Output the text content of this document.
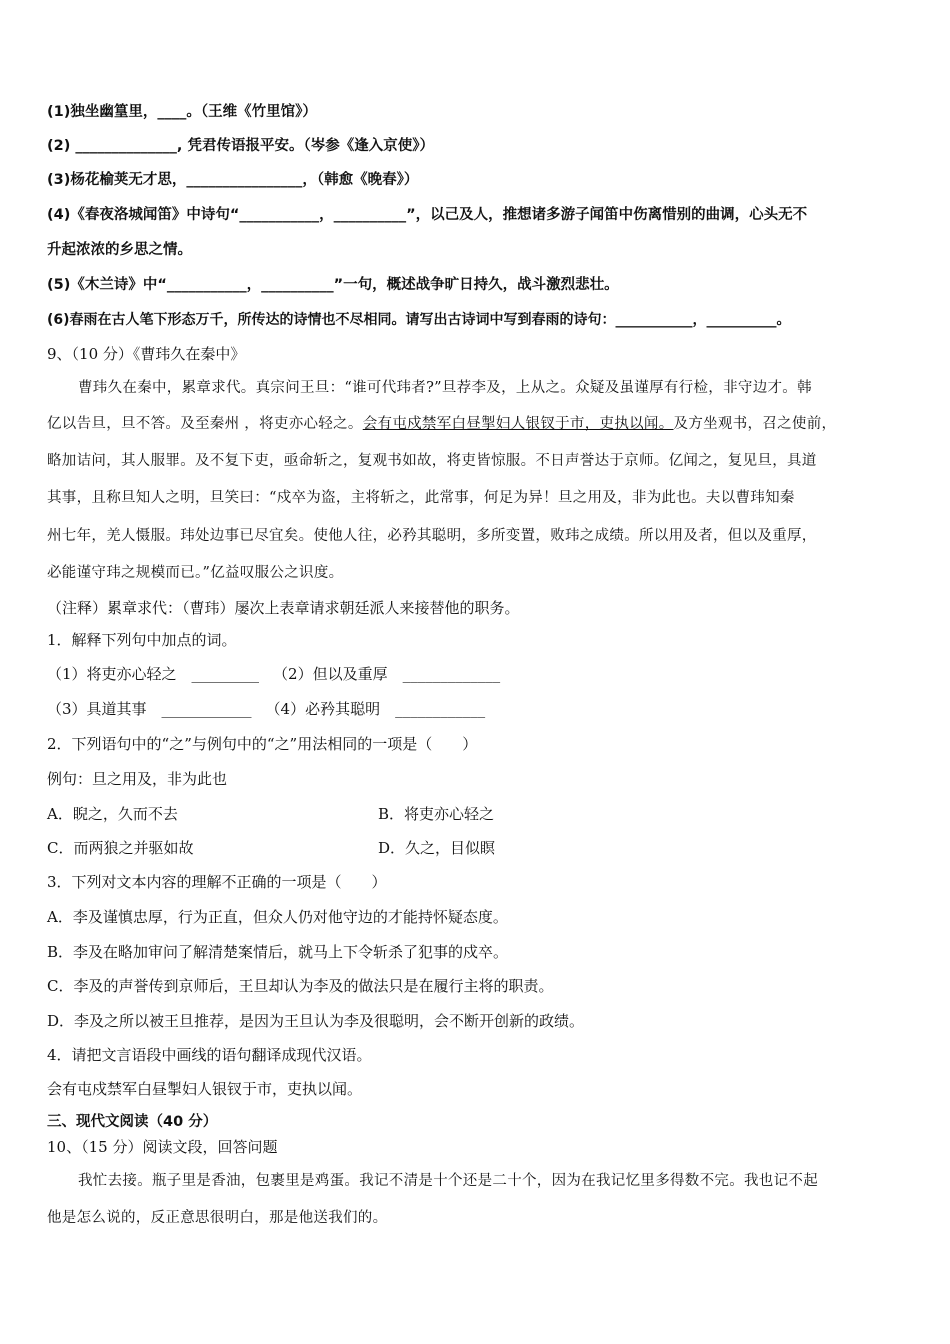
(1)独坐幽篁里，____。（王维《竹里馆》）
(2) ______________, 凭君传语报平安。（岑参《逢入京使》）
(3)杨花榆荚无才思，________________，（韩愈《晚春》）
(4)《春夜洛城闻笛》中诗句“___________，__________”，以己及人，推想诸多游子闻笛中伤离惜别的曲调，心头无不
升起浓浓的乡思之情。
(5)《木兰诗》中“___________，__________”一句，概述战争旷日持久，战斗激烈悲壮。
(6)春雨在古人笔下形态万千，所传达的诗情也不尽相同。请写出古诗词中写到春雨的诗句：___________，__________。
9、（10 分）《曹玮久在秦中》
曹玮久在秦中，累章求代。真宗问王旦：“谁可代玮者?”旦荐李及，上从之。众疑及虽谨厚有行检，非守边才。韩
亿以告旦，旦不答。及至秦州 ，将吏亦心轻之。会有屯戍禁军白昼掣妇人银钗于市，吏执以闻。及方坐观书，召之使前，
略加诘问，其人服罪。及不复下吏，亟命斩之，复观书如故，将吏皆惊服。不日声誉达于京师。亿闻之，复见旦，具道
其事，且称旦知人之明，旦笑曰：“戍卒为盗，主将斩之，此常事，何足为异！旦之用及，非为此也。夫以曹玮知秦
州七年，羌人慑服。玮处边事已尽宜矣。使他人往，必矜其聪明，多所变置，败玮之成绩。所以用及者，但以及重厚，
必能谨守玮之规模而已。”亿益叹服公之识度。
（注释）累章求代：（曹玮）屡次上表章请求朝廷派人来接替他的职务。
1．解释下列句中加点的词。
（1）将吏亦心轻之　_________ （2）但以及重厚　_____________
（3）具道其事　____________ （4）必矜其聪明　____________
2．下列语句中的“之”与例句中的“之”用法相同的一项是（　　）
例句：旦之用及，非为此也
A．睨之，久而不去	B．将吏亦心轻之
C．而两狼之并驱如故	D．久之，目似瞑
3．下列对文本内容的理解不正确的一项是（　　）
A．李及谨慎忠厚，行为正直，但众人仍对他守边的才能持怀疑态度。
B．李及在略加审问了解清楚案情后，就马上下令斩杀了犯事的戍卒。
C．李及的声誉传到京师后，王旦却认为李及的做法只是在履行主将的职责。
D．李及之所以被王旦推荐，是因为王旦认为李及很聪明，会不断开创新的政绩。
4．请把文言语段中画线的语句翻译成现代汉语。
会有屯戍禁军白昼掣妇人银钗于市，吏执以闻。
三、现代文阅读（40 分）
10、（15 分）阅读文段，回答问题
我忙去接。瓶子里是香油，包裹里是鸡蛋。我记不清是十个还是二十个，因为在我记忆里多得数不完。我也记不起
他是怎么说的，反正意思很明白，那是他送我们的。
